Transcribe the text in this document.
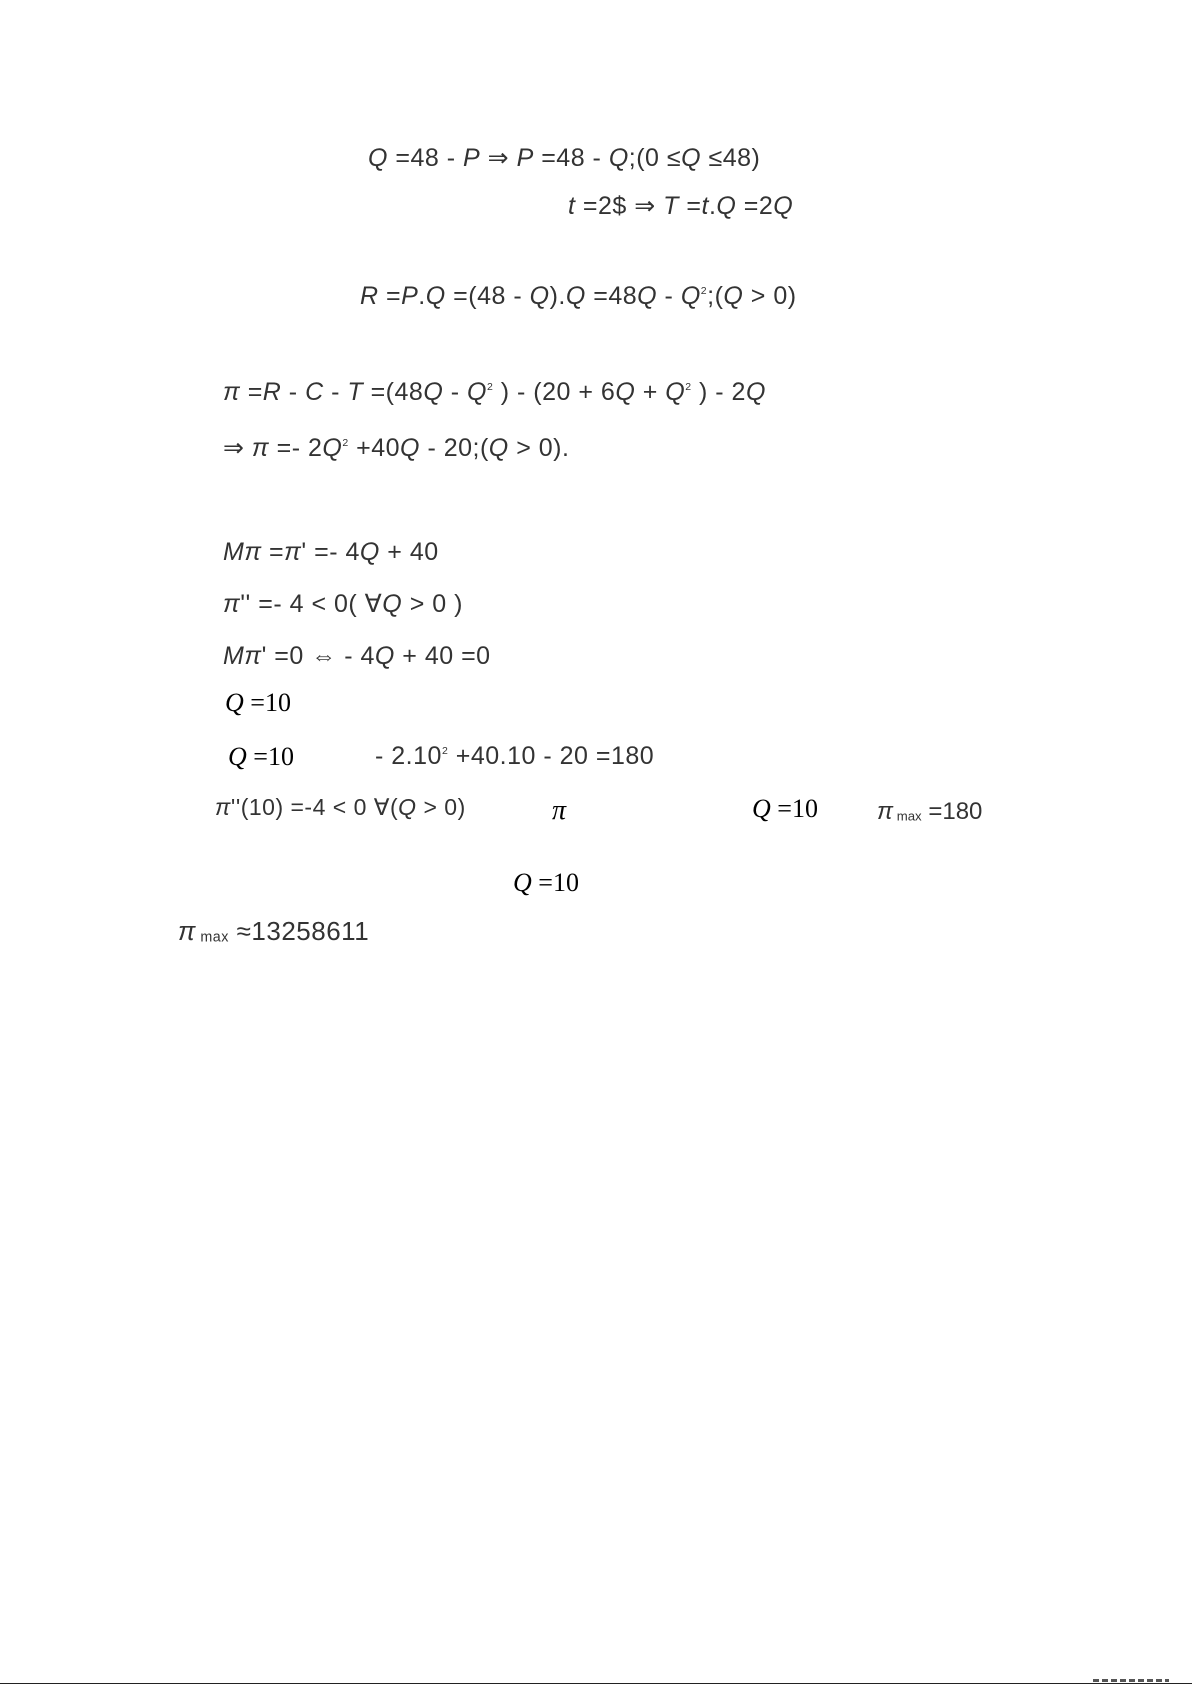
Q =48 - P ⇒ P =48 - Q;(0 ≤Q ≤48)
t =2$ ⇒ T =t.Q =2Q
$R =P.Q =(48 - Q).Q =48Q - Q^2;(Q > 0)$
$\pi =R - C - T =(48Q - Q^2$ ) - ($20 + 6Q + Q^2$ ) - 2Q
⇒ $\pi =- 2Q^2 +40Q$ - 20;(Q > 0).
Mπ =π' =- 4Q + 40
π'' =- 4 < 0( ∀Q > 0 )
Mπ' =0 ⇔ - 4Q + 40 =0
Q =10
Q =10	- $2.10^2 +40.10 - 20 =180$
π''(10) =-4 < 0 ∀(Q > 0)	π	Q =10 π max =180
Q =10
π max ≈13258611
